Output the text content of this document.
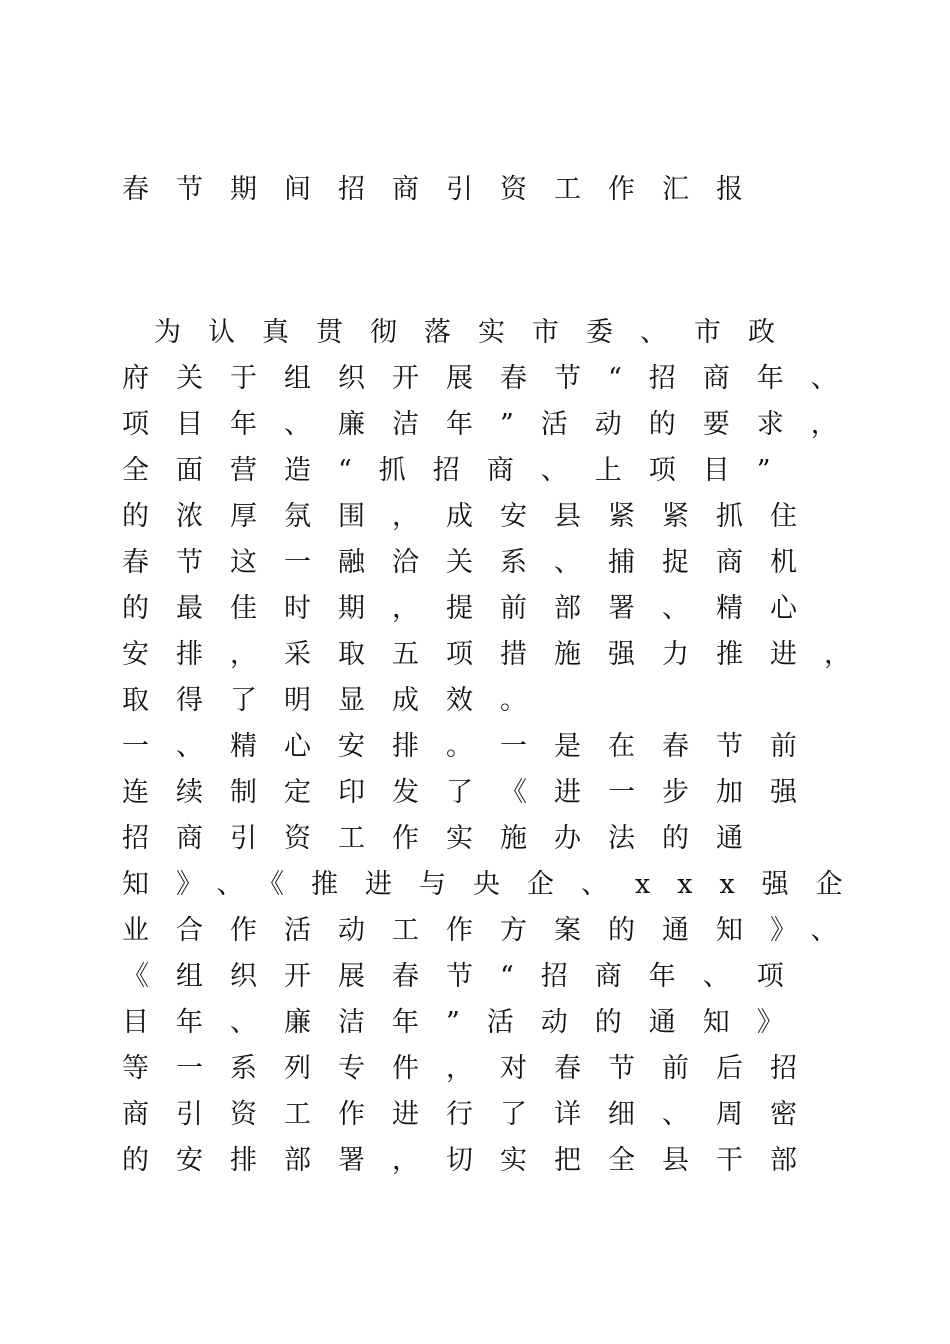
春节期间招商引资工作汇报
为认真贯彻落实市委、市政
府关于组织开展春节“招商年、
项目年、廉洁年”活动的要求，
全面营造“抓招商、上项目”
的浓厚氛围，成安县紧紧抓住
春节这一融洽关系、捕捉商机
的最佳时期，提前部署、精心
安排，采取五项措施强力推进，
取得了明显成效。
一、精心安排。一是在春节前
连续制定印发了《进一步加强
招商引资工作实施办法的通
知》、《推进与央企、xxx强企
业合作活动工作方案的通知》、
《组织开展春节“招商年、项
目年、廉洁年”活动的通知》
等一系列专件，对春节前后招
商引资工作进行了详细、周密
的安排部署，切实把全县干部
